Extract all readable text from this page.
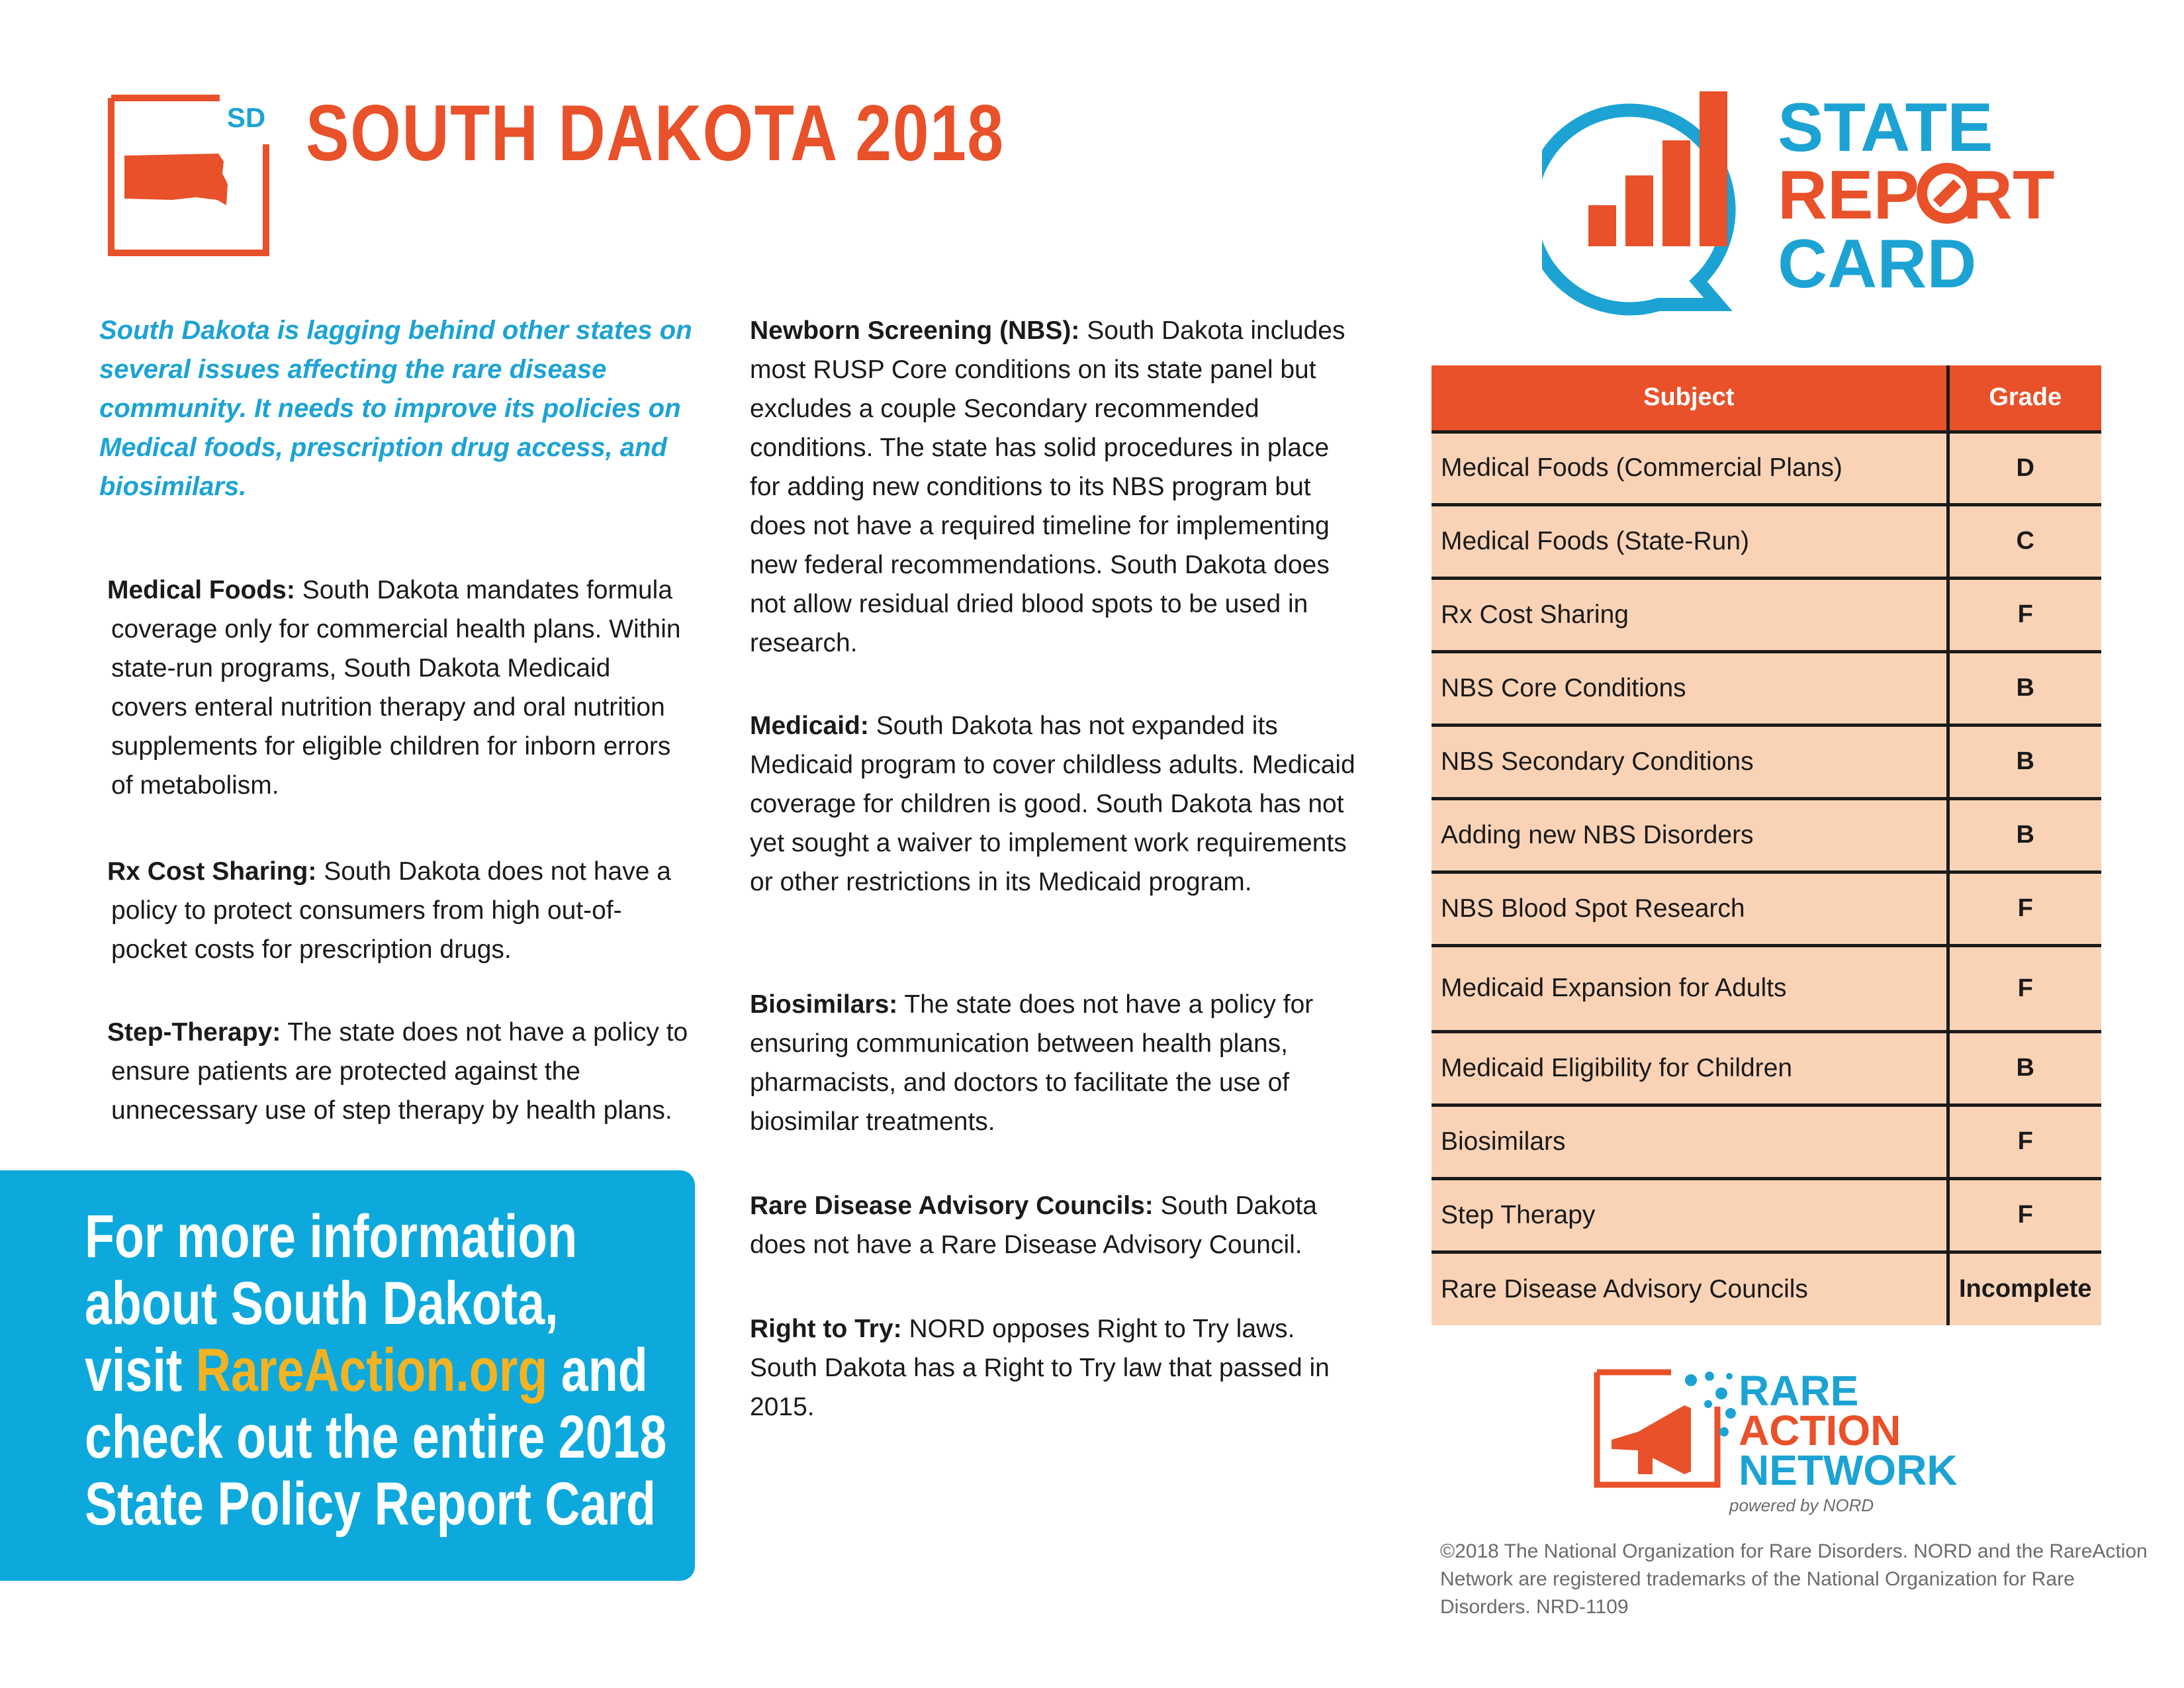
SD SOUTH DAKOTA 2018
South Dakota is lagging behind other states on several issues affecting the rare disease community. It needs to improve its policies on Medical foods, prescription drug access, and biosimilars.
Medical Foods: South Dakota mandates formula coverage only for commercial health plans. Within state-run programs, South Dakota Medicaid covers enteral nutrition therapy and oral nutrition supplements for eligible children for inborn errors of metabolism.
Rx Cost Sharing: South Dakota does not have a policy to protect consumers from high out-of-pocket costs for prescription drugs.
Step-Therapy: The state does not have a policy to ensure patients are protected against the unnecessary use of step therapy by health plans.
For more information about South Dakota, visit RareAction.org and check out the entire 2018 State Policy Report Card
Newborn Screening (NBS): South Dakota includes most RUSP Core conditions on its state panel but excludes a couple Secondary recommended conditions. The state has solid procedures in place for adding new conditions to its NBS program but does not have a required timeline for implementing new federal recommendations. South Dakota does not allow residual dried blood spots to be used in research.
Medicaid: South Dakota has not expanded its Medicaid program to cover childless adults. Medicaid coverage for children is good. South Dakota has not yet sought a waiver to implement work requirements or other restrictions in its Medicaid program.
Biosimilars: The state does not have a policy for ensuring communication between health plans, pharmacists, and doctors to facilitate the use of biosimilar treatments.
Rare Disease Advisory Councils: South Dakota does not have a Rare Disease Advisory Council.
Right to Try: NORD opposes Right to Try laws. South Dakota has a Right to Try law that passed in 2015.
STATE
REP RT
CARD
Subject	Grade
Medical Foods (Commercial Plans)	D
Medical Foods (State-Run)	C
Rx Cost Sharing	F
NBS Core Conditions	B
NBS Secondary Conditions	B
Adding new NBS Disorders	B
NBS Blood Spot Research	F
Medicaid Expansion for Adults	F
Medicaid Eligibility for Children	B
Biosimilars	F
Step Therapy	F
Rare Disease Advisory Councils	Incomplete
RARE
ACTION
NETWORK
powered by NORD
©2018 The National Organization for Rare Disorders. NORD and the RareAction Network are registered trademarks of the National Organization for Rare Disorders. NRD-1109
